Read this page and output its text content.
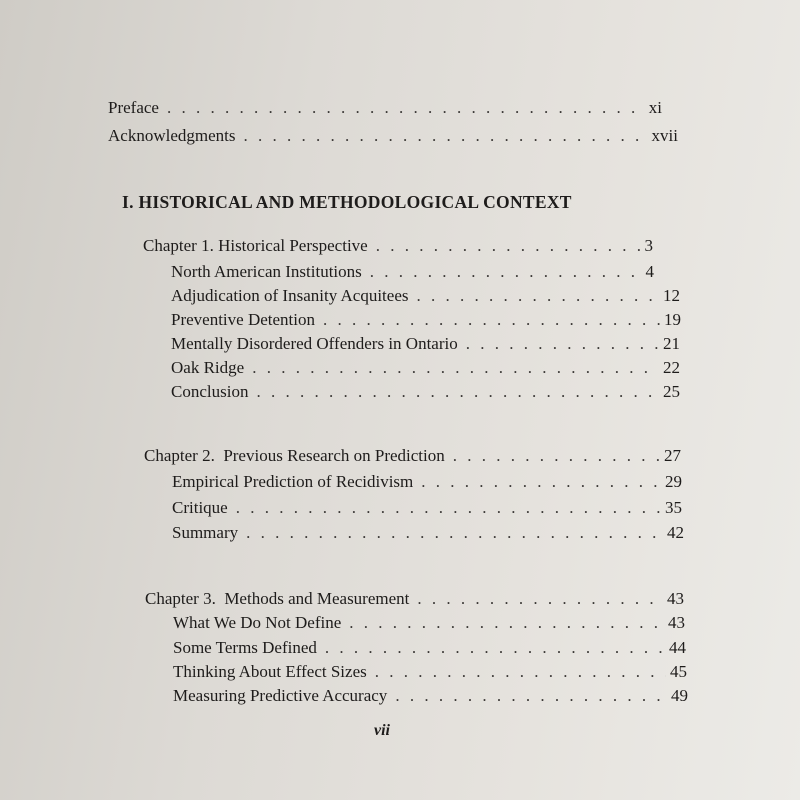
Preface . . .	xi
Acknowledgments . . .	xvii
I. HISTORICAL AND METHODOLOGICAL CONTEXT
Chapter 1. Historical Perspective . . .	3
North American Institutions . . .	4
Adjudication of Insanity Acquitees . . .	12
Preventive Detention . . .	19
Mentally Disordered Offenders in Ontario . . .	21
Oak Ridge . . .	22
Conclusion . . .	25
Chapter 2.  Previous Research on Prediction . . .	27
Empirical Prediction of Recidivism . . .	29
Critique . . .	35
Summary . . .	42
Chapter 3.  Methods and Measurement . . .	43
What We Do Not Define . . .	43
Some Terms Defined . . .	44
Thinking About Effect Sizes . . .	45
Measuring Predictive Accuracy . . .	49
vii
